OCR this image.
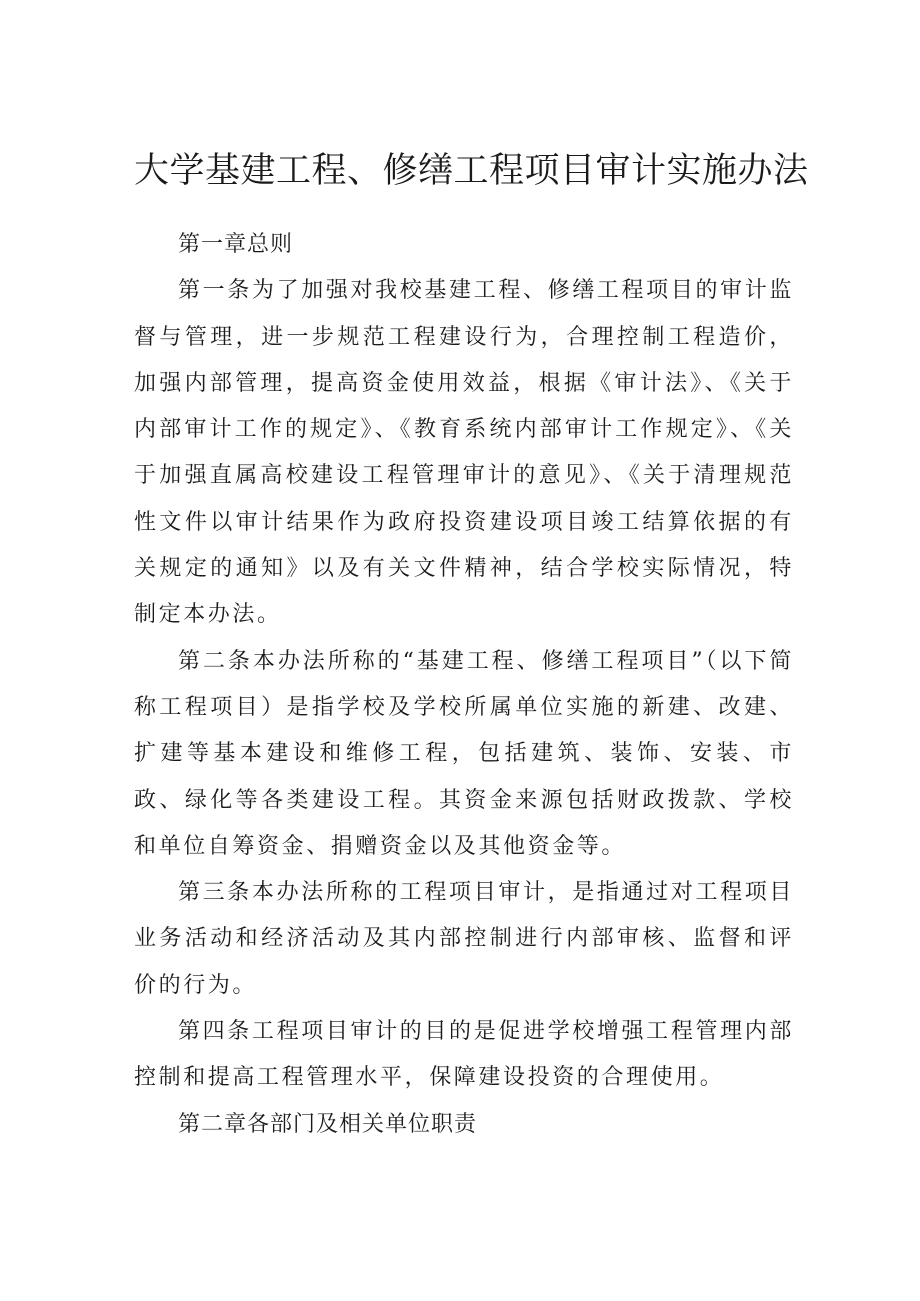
大学基建工程、修缮工程项目审计实施办法

第一章总则

第一条为了加强对我校基建工程、修缮工程项目的审计监督与管理，进一步规范工程建设行为，合理控制工程造价，加强内部管理，提高资金使用效益，根据《审计法》、《关于内部审计工作的规定》、《教育系统内部审计工作规定》、《关于加强直属高校建设工程管理审计的意见》、《关于清理规范性文件以审计结果作为政府投资建设项目竣工结算依据的有关规定的通知》以及有关文件精神，结合学校实际情况，特制定本办法。

第二条本办法所称的“基建工程、修缮工程项目”（以下简称工程项目）是指学校及学校所属单位实施的新建、改建、扩建等基本建设和维修工程，包括建筑、装饰、安装、市政、绿化等各类建设工程。其资金来源包括财政拨款、学校和单位自筹资金、捐赠资金以及其他资金等。

第三条本办法所称的工程项目审计，是指通过对工程项目业务活动和经济活动及其内部控制进行内部审核、监督和评价的行为。

第四条工程项目审计的目的是促进学校增强工程管理内部控制和提高工程管理水平，保障建设投资的合理使用。

第二章各部门及相关单位职责
